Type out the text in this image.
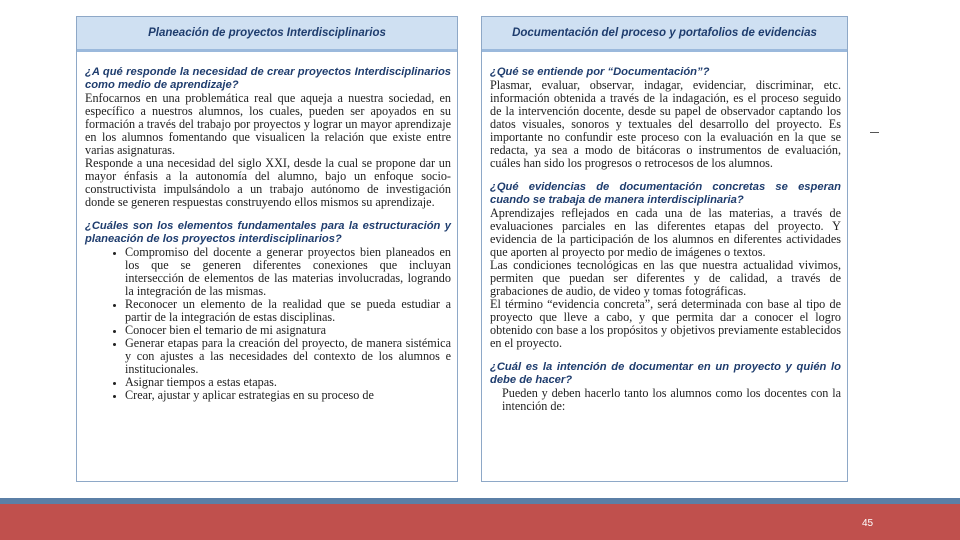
Planeación de proyectos Interdisciplinarios

¿A qué responde la necesidad de crear proyectos Interdisciplinarios como medio de aprendizaje?

Enfocarnos en una problemática real que aqueja a nuestra sociedad, en específico a nuestros alumnos, los cuales, pueden ser apoyados en su formación a través del trabajo por proyectos y lograr un mayor aprendizaje en los alumnos fomentando que visualicen la relación que existe entre varias asignaturas.

Responde a una necesidad del siglo XXI, desde la cual se propone dar un mayor énfasis a la autonomía del alumno, bajo un enfoque socio-constructivista impulsándolo a un trabajo autónomo de investigación donde se generen respuestas construyendo ellos mismos su aprendizaje.

¿Cuáles son los elementos fundamentales para la estructuración y planeación de los proyectos interdisciplinarios?

• Compromiso del docente a generar proyectos bien planeados en los que se generen diferentes conexiones que incluyan intersección de elementos de las materias involucradas, logrando la integración de las mismas.
• Reconocer un elemento de la realidad que se pueda estudiar a partir de la integración de estas disciplinas.
• Conocer bien el temario de mi asignatura
• Generar etapas para la creación del proyecto, de manera sistémica y con ajustes a las necesidades del contexto de los alumnos e institucionales.
• Asignar tiempos a estas etapas.
• Crear, ajustar y aplicar estrategias en su proceso de
Documentación del proceso y portafolios de evidencias

¿Qué se entiende por “Documentación”?

Plasmar, evaluar, observar, indagar, evidenciar, discriminar, etc. información obtenida a través de la indagación, es el proceso seguido de la intervención docente, desde su papel de observador captando los datos visuales, sonoros y textuales del desarrollo del proyecto. Es importante no confundir este proceso con la evaluación en la que se redacta, ya sea a modo de bitácoras o instrumentos de evaluación, cuáles han sido los progresos o retrocesos de los alumnos.

¿Qué evidencias de documentación concretas se esperan cuando se trabaja de manera interdisciplinaria?

Aprendizajes reflejados en cada una de las materias, a través de evaluaciones parciales en las diferentes etapas del proyecto. Y evidencia de la participación de los alumnos en diferentes actividades que aporten al proyecto por medio de imágenes o textos.

Las condiciones tecnológicas en las que nuestra actualidad vivimos, permiten que puedan ser diferentes y de calidad, a través de grabaciones de audio, de video y tomas fotográficas.

El término “evidencia concreta”, será determinada con base al tipo de proyecto que lleve a cabo, y que permita dar a conocer el logro obtenido con base a los propósitos y objetivos previamente establecidos en el proyecto.

¿Cuál es la intención de documentar en un proyecto y quién lo debe de hacer?

Pueden y deben hacerlo tanto los alumnos como los docentes con la intención de:

45
